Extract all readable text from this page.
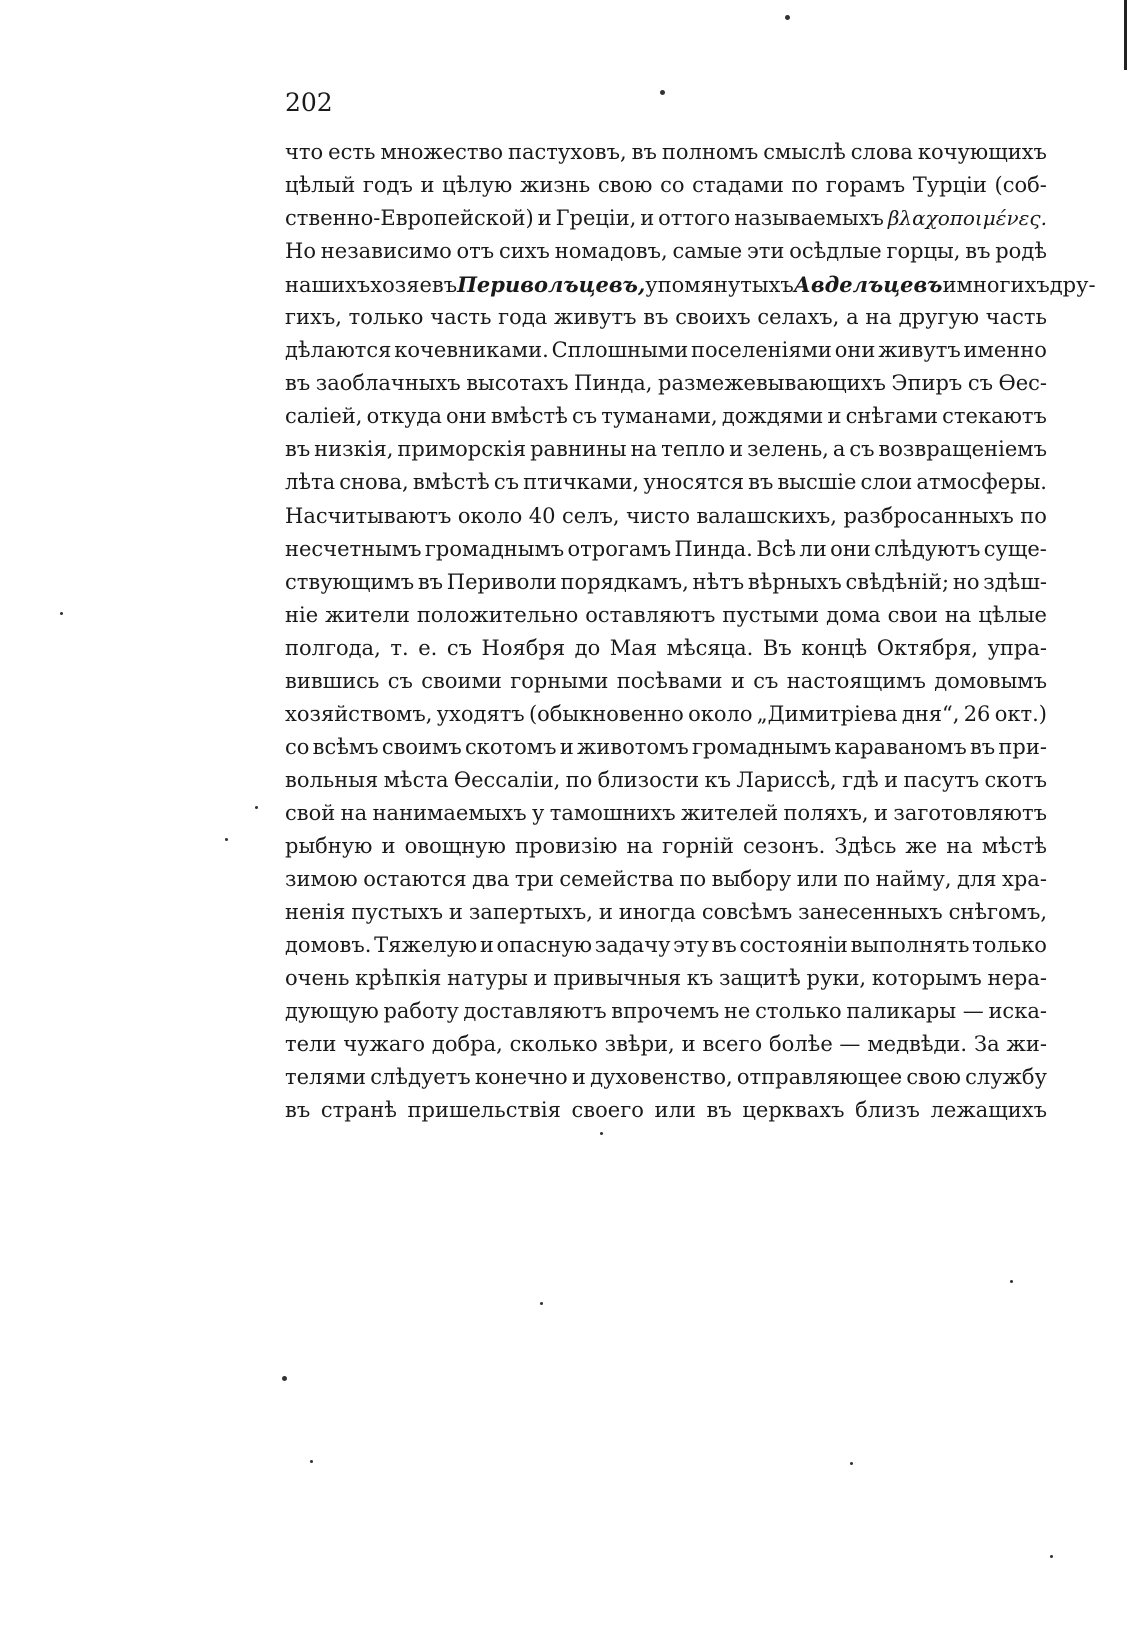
202
что есть множество пастуховъ, въ полномъ смыслѣ слова кочующихъ
цѣлый годъ и цѣлую жизнь свою со стадами по горамъ Турціи (соб-
ственно-Европейской) и Греціи, и оттого называемыхъ βλαχοποιμένες.
Но независимо отъ сихъ номадовъ, самые эти осѣдлые горцы, въ родѣ
нашихъ хозяевъ Периволъцевъ, упомянутыхъ Авделъцевъ и многихъ дру-
гихъ, только часть года живутъ въ своихъ селахъ, а на другую часть
дѣлаются кочевниками. Сплошными поселеніями они живутъ именно
въ заоблачныхъ высотахъ Пинда, размежевывающихъ Эпиръ съ Ѳес-
саліей, откуда они вмѣстѣ съ туманами, дождями и снѣгами стекаютъ
въ низкія, приморскія равнины на тепло и зелень, а съ возвращеніемъ
лѣта снова, вмѣстѣ съ птичками, уносятся въ высшіе слои атмосферы.
Насчитываютъ около 40 селъ, чисто валашскихъ, разбросанныхъ по
несчетнымъ громаднымъ отрогамъ Пинда. Всѣ ли они слѣдуютъ суще-
ствующимъ въ Периволи порядкамъ, нѣтъ вѣрныхъ свѣдѣній; но здѣш-
ніе жители положительно оставляютъ пустыми дома свои на цѣлые
полгода, т. е. съ Ноября до Мая мѣсяца. Въ концѣ Октября, упра-
вившись съ своими горными посѣвами и съ настоящимъ домовымъ
хозяйствомъ, уходятъ (обыкновенно около „Димитріева дня“, 26 окт.)
со всѣмъ своимъ скотомъ и животомъ громаднымъ караваномъ въ при-
вольныя мѣста Ѳессаліи, по близости къ Ларисcѣ, гдѣ и пасутъ скотъ
свой на нанимаемыхъ у тамошнихъ жителей поляхъ, и заготовляютъ
рыбную и овощную провизію на горній сезонъ. Здѣсь же на мѣстѣ
зимою остаются два три семейства по выбору или по найму, для хра-
ненія пустыхъ и запертыхъ, и иногда совсѣмъ занесенныхъ снѣгомъ,
домовъ. Тяжелую и опасную задачу эту въ состояніи выполнять только
очень крѣпкія натуры и привычныя къ защитѣ руки, которымъ нера-
дующую работу доставляютъ впрочемъ не столько паликары — иска-
тели чужаго добра, сколько звѣри, и всего болѣе — медвѣди. За жи-
телями слѣдуетъ конечно и духовенство, отправляющее свою службу
въ странѣ пришельствія своего или въ церквахъ близъ лежащихъ
